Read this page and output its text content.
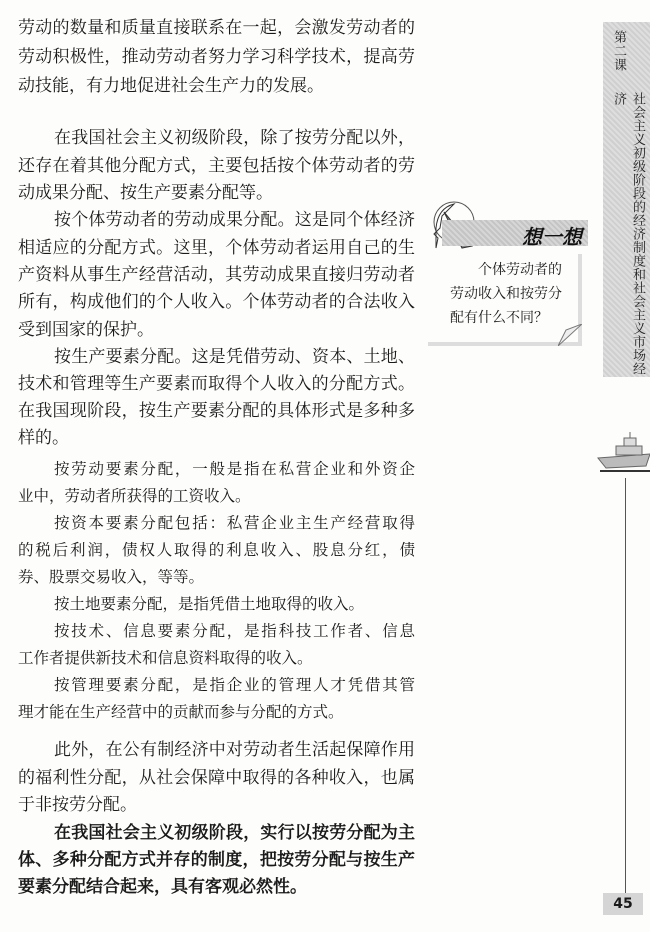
劳动的数量和质量直接联系在一起，会激发劳动者的
劳动积极性，推动劳动者努力学习科学技术，提高劳
动技能，有力地促进社会生产力的发展。
在我国社会主义初级阶段，除了按劳分配以外，
还存在着其他分配方式，主要包括按个体劳动者的劳
动成果分配、按生产要素分配等。
按个体劳动者的劳动成果分配。这是同个体经济
相适应的分配方式。这里，个体劳动者运用自己的生
产资料从事生产经营活动，其劳动成果直接归劳动者
所有，构成他们的个人收入。个体劳动者的合法收入
受到国家的保护。
按生产要素分配。这是凭借劳动、资本、土地、
技术和管理等生产要素而取得个人收入的分配方式。
在我国现阶段，按生产要素分配的具体形式是多种多
样的。
按劳动要素分配，一般是指在私营企业和外资企
业中，劳动者所获得的工资收入。
按资本要素分配包括：私营企业主生产经营取得
的税后利润，债权人取得的利息收入、股息分红，债
券、股票交易收入，等等。
按土地要素分配，是指凭借土地取得的收入。
按技术、信息要素分配，是指科技工作者、信息
工作者提供新技术和信息资料取得的收入。
按管理要素分配，是指企业的管理人才凭借其管
理才能在生产经营中的贡献而参与分配的方式。
此外，在公有制经济中对劳动者生活起保障作用
的福利性分配，从社会保障中取得的各种收入，也属
于非按劳分配。
在我国社会主义初级阶段，实行以按劳分配为主
体、多种分配方式并存的制度，把按劳分配与按生产
要素分配结合起来，具有客观必然性。
第二课
社会主义初级阶段的经济制度和社会主义市场经济
想一想
个体劳动者的
劳动收入和按劳分
配有什么不同？
45
